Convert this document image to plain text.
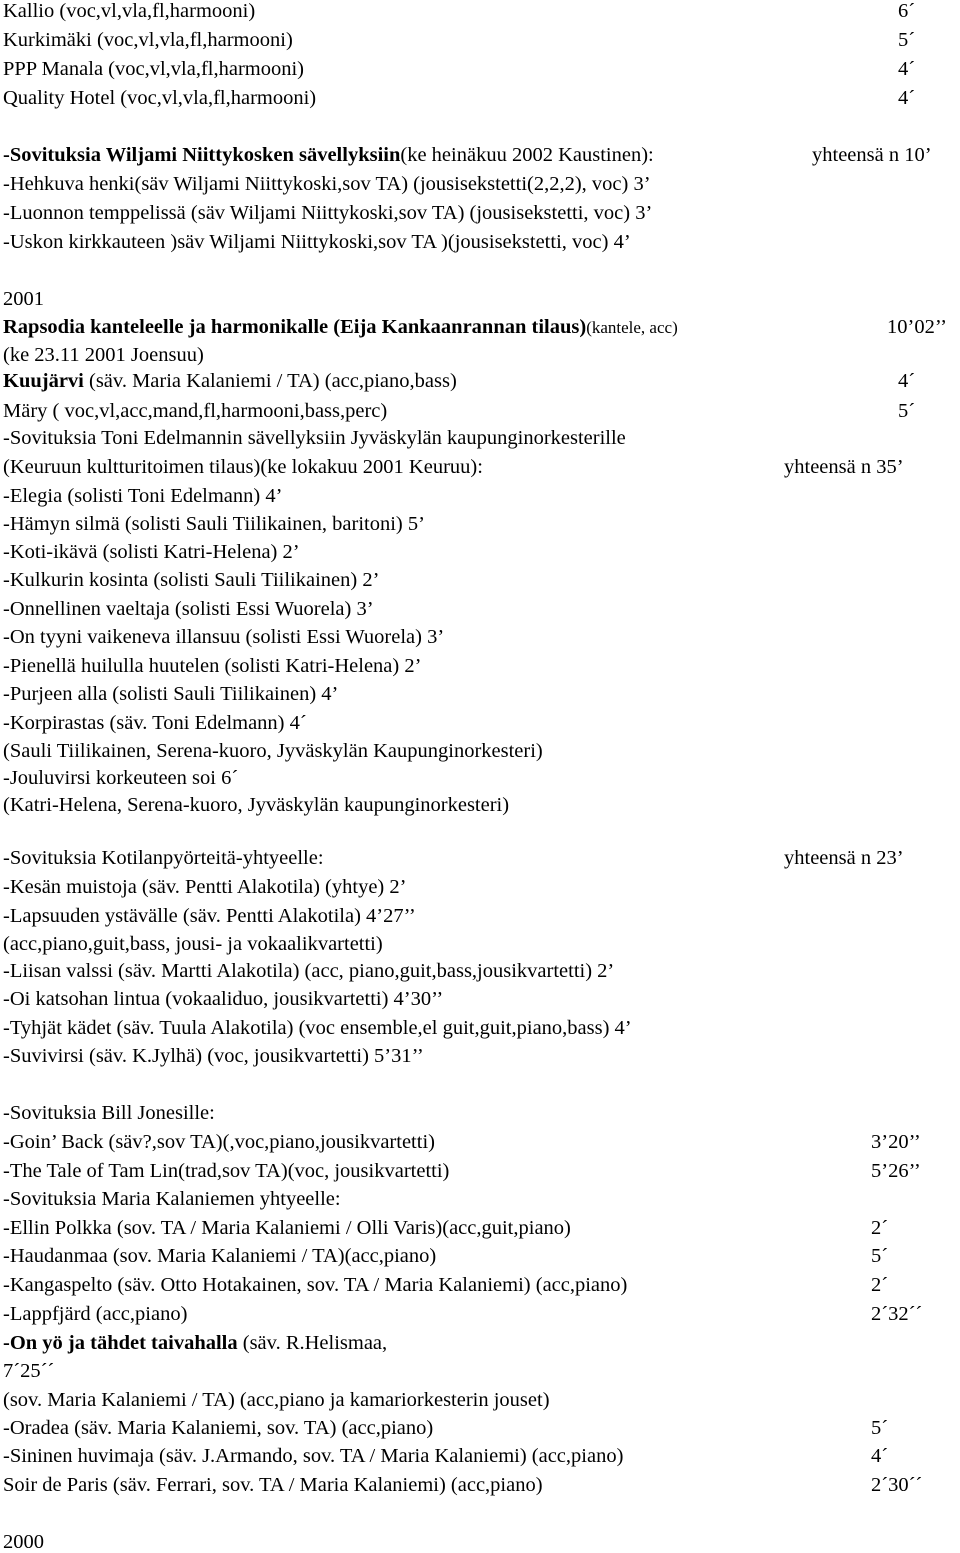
Kallio (voc,vl,vla,fl,harmooni)	6´
Kurkimäki (voc,vl,vla,fl,harmooni)	5´
PPP Manala (voc,vl,vla,fl,harmooni)	4´
Quality Hotel (voc,vl,vla,fl,harmooni)	4´
-Sovituksia Wiljami Niittykosken sävellyksiin(ke heinäkuu 2002 Kaustinen):	yhteensä n 10’
-Hehkuva henki(säv Wiljami Niittykoski,sov TA) (jousisekstetti(2,2,2), voc) 3’
-Luonnon temppelissä (säv Wiljami Niittykoski,sov TA) (jousisekstetti, voc) 3’
-Uskon kirkkauteen )säv Wiljami Niittykoski,sov TA )(jousisekstetti, voc) 4’
2001
Rapsodia kanteleelle ja harmonikalle (Eija Kankaanrannan tilaus)(kantele, acc)	10’02’’
(ke 23.11 2001 Joensuu)
Kuujärvi (säv. Maria Kalaniemi / TA) (acc,piano,bass)	4´
Märy ( voc,vl,acc,mand,fl,harmooni,bass,perc)	5´
-Sovituksia Toni Edelmannin sävellyksiin Jyväskylän kaupunginorkesterille
(Keuruun kultturitoimen tilaus)(ke lokakuu 2001 Keuruu):	yhteensä n 35’
-Elegia (solisti Toni Edelmann) 4’
-Hämyn silmä (solisti Sauli Tiilikainen, baritoni) 5’
-Koti-ikävä (solisti Katri-Helena) 2’
-Kulkurin kosinta (solisti Sauli Tiilikainen) 2’
-Onnellinen vaeltaja (solisti Essi Wuorela) 3’
-On tyyni vaikeneva illansuu (solisti Essi Wuorela) 3’
-Pienellä huilulla huutelen (solisti Katri-Helena) 2’
-Purjeen alla (solisti Sauli Tiilikainen) 4’
-Korpirastas (säv. Toni Edelmann) 4´
(Sauli Tiilikainen, Serena-kuoro, Jyväskylän Kaupunginorkesteri)
-Jouluvirsi korkeuteen soi 6´
(Katri-Helena, Serena-kuoro, Jyväskylän kaupunginorkesteri)
-Sovituksia Kotilanpyörteitä-yhtyeelle:	yhteensä n 23’
-Kesän muistoja (säv. Pentti Alakotila) (yhtye) 2’
-Lapsuuden ystävälle (säv. Pentti Alakotila) 4’27’’
(acc,piano,guit,bass, jousi- ja vokaalikvartetti)
-Liisan valssi (säv. Martti Alakotila) (acc, piano,guit,bass,jousikvartetti) 2’
-Oi katsohan lintua (vokaaliduo, jousikvartetti) 4’30’’
-Tyhjät kädet (säv. Tuula Alakotila) (voc ensemble,el guit,guit,piano,bass) 4’
-Suvivirsi (säv. K.Jylhä) (voc, jousikvartetti) 5’31’’
-Sovituksia Bill Jonesille:
-Goin’ Back (säv?,sov TA)(,voc,piano,jousikvartetti)	3’20’’
-The Tale of Tam Lin(trad,sov TA)(voc, jousikvartetti)	5’26’’
-Sovituksia Maria Kalaniemen yhtyeelle:
-Ellin Polkka (sov. TA / Maria Kalaniemi / Olli Varis)(acc,guit,piano)	2´
-Haudanmaa (sov. Maria Kalaniemi / TA)(acc,piano)	5´
-Kangaspelto (säv. Otto Hotakainen, sov. TA / Maria Kalaniemi) (acc,piano)	2´
-Lappfjärd (acc,piano)	2´32´´
-On yö ja tähdet taivahalla (säv. R.Helismaa,
7´25´´
(sov. Maria Kalaniemi / TA) (acc,piano ja kamariorkesterin jouset)
-Oradea (säv. Maria Kalaniemi, sov. TA) (acc,piano)	5´
-Sininen huvimaja (säv. J.Armando, sov. TA / Maria Kalaniemi) (acc,piano)	4´
Soir de Paris (säv. Ferrari, sov. TA / Maria Kalaniemi) (acc,piano)	2´30´´
2000
